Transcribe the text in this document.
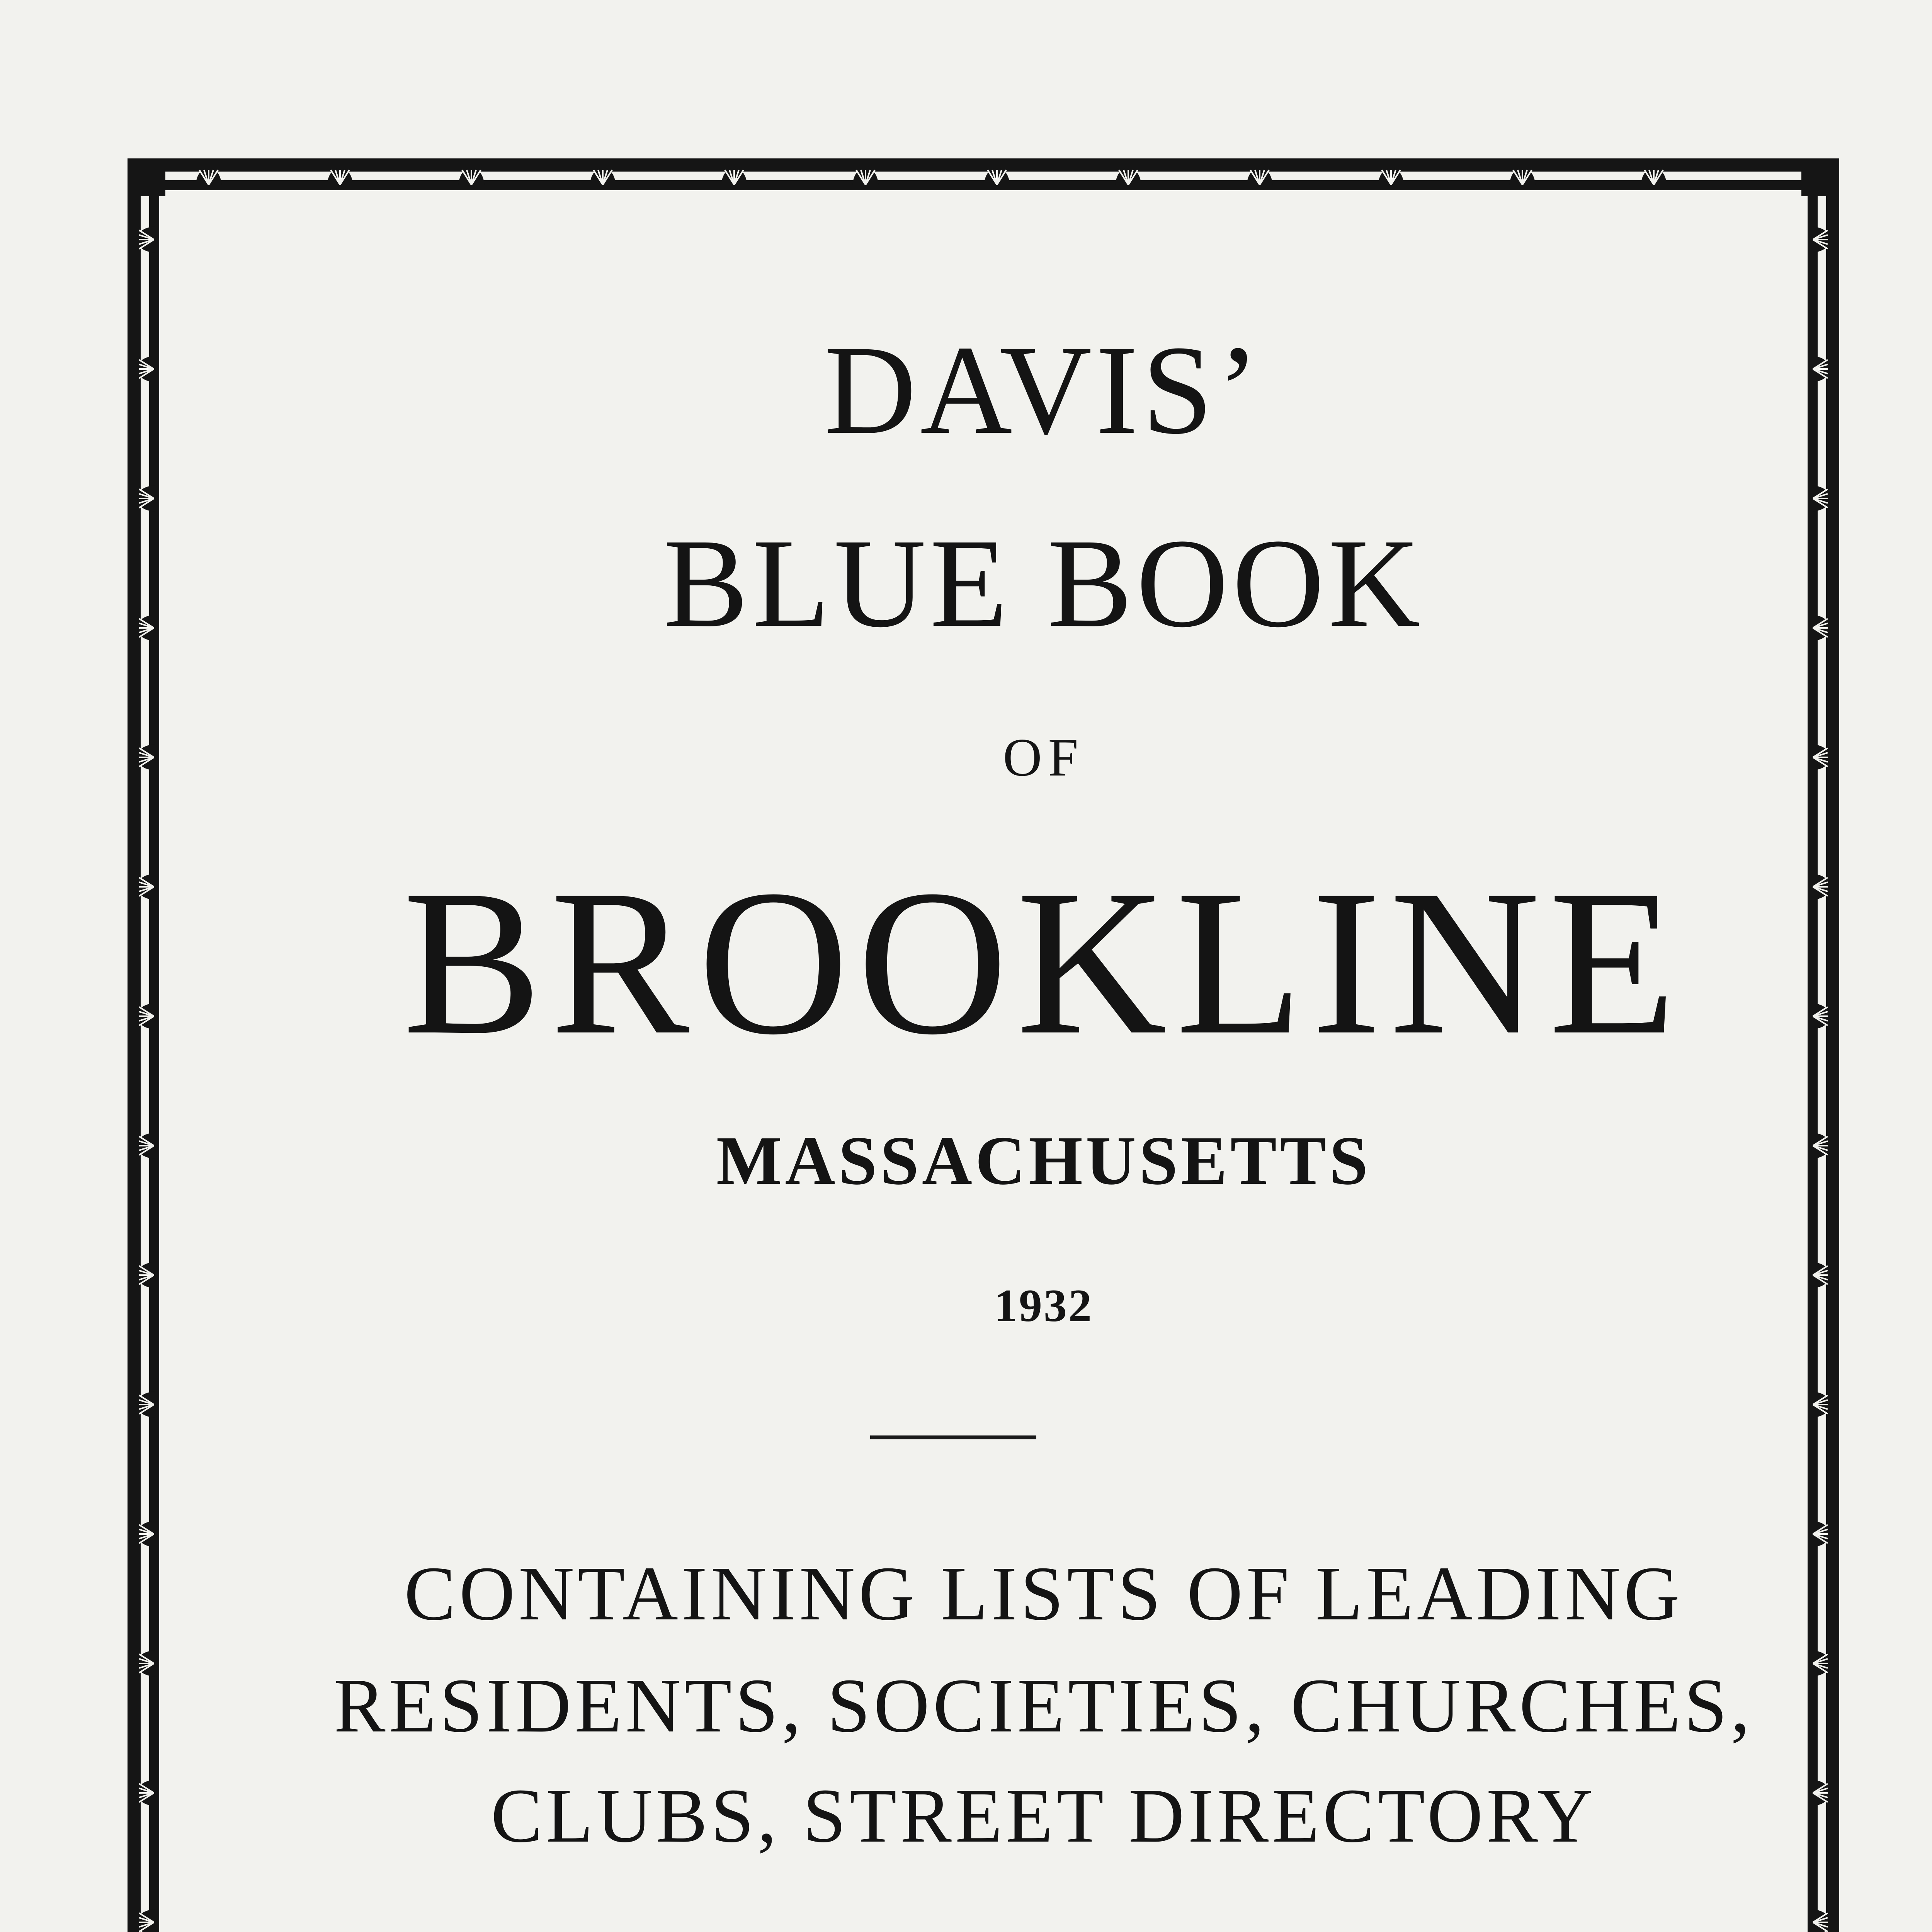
DAVIS’
BLUE BOOK
OF
BROOKLINE
MASSACHUSETTS
1932
CONTAINING LISTS OF LEADING
RESIDENTS, SOCIETIES, CHURCHES,
CLUBS, STREET DIRECTORY
